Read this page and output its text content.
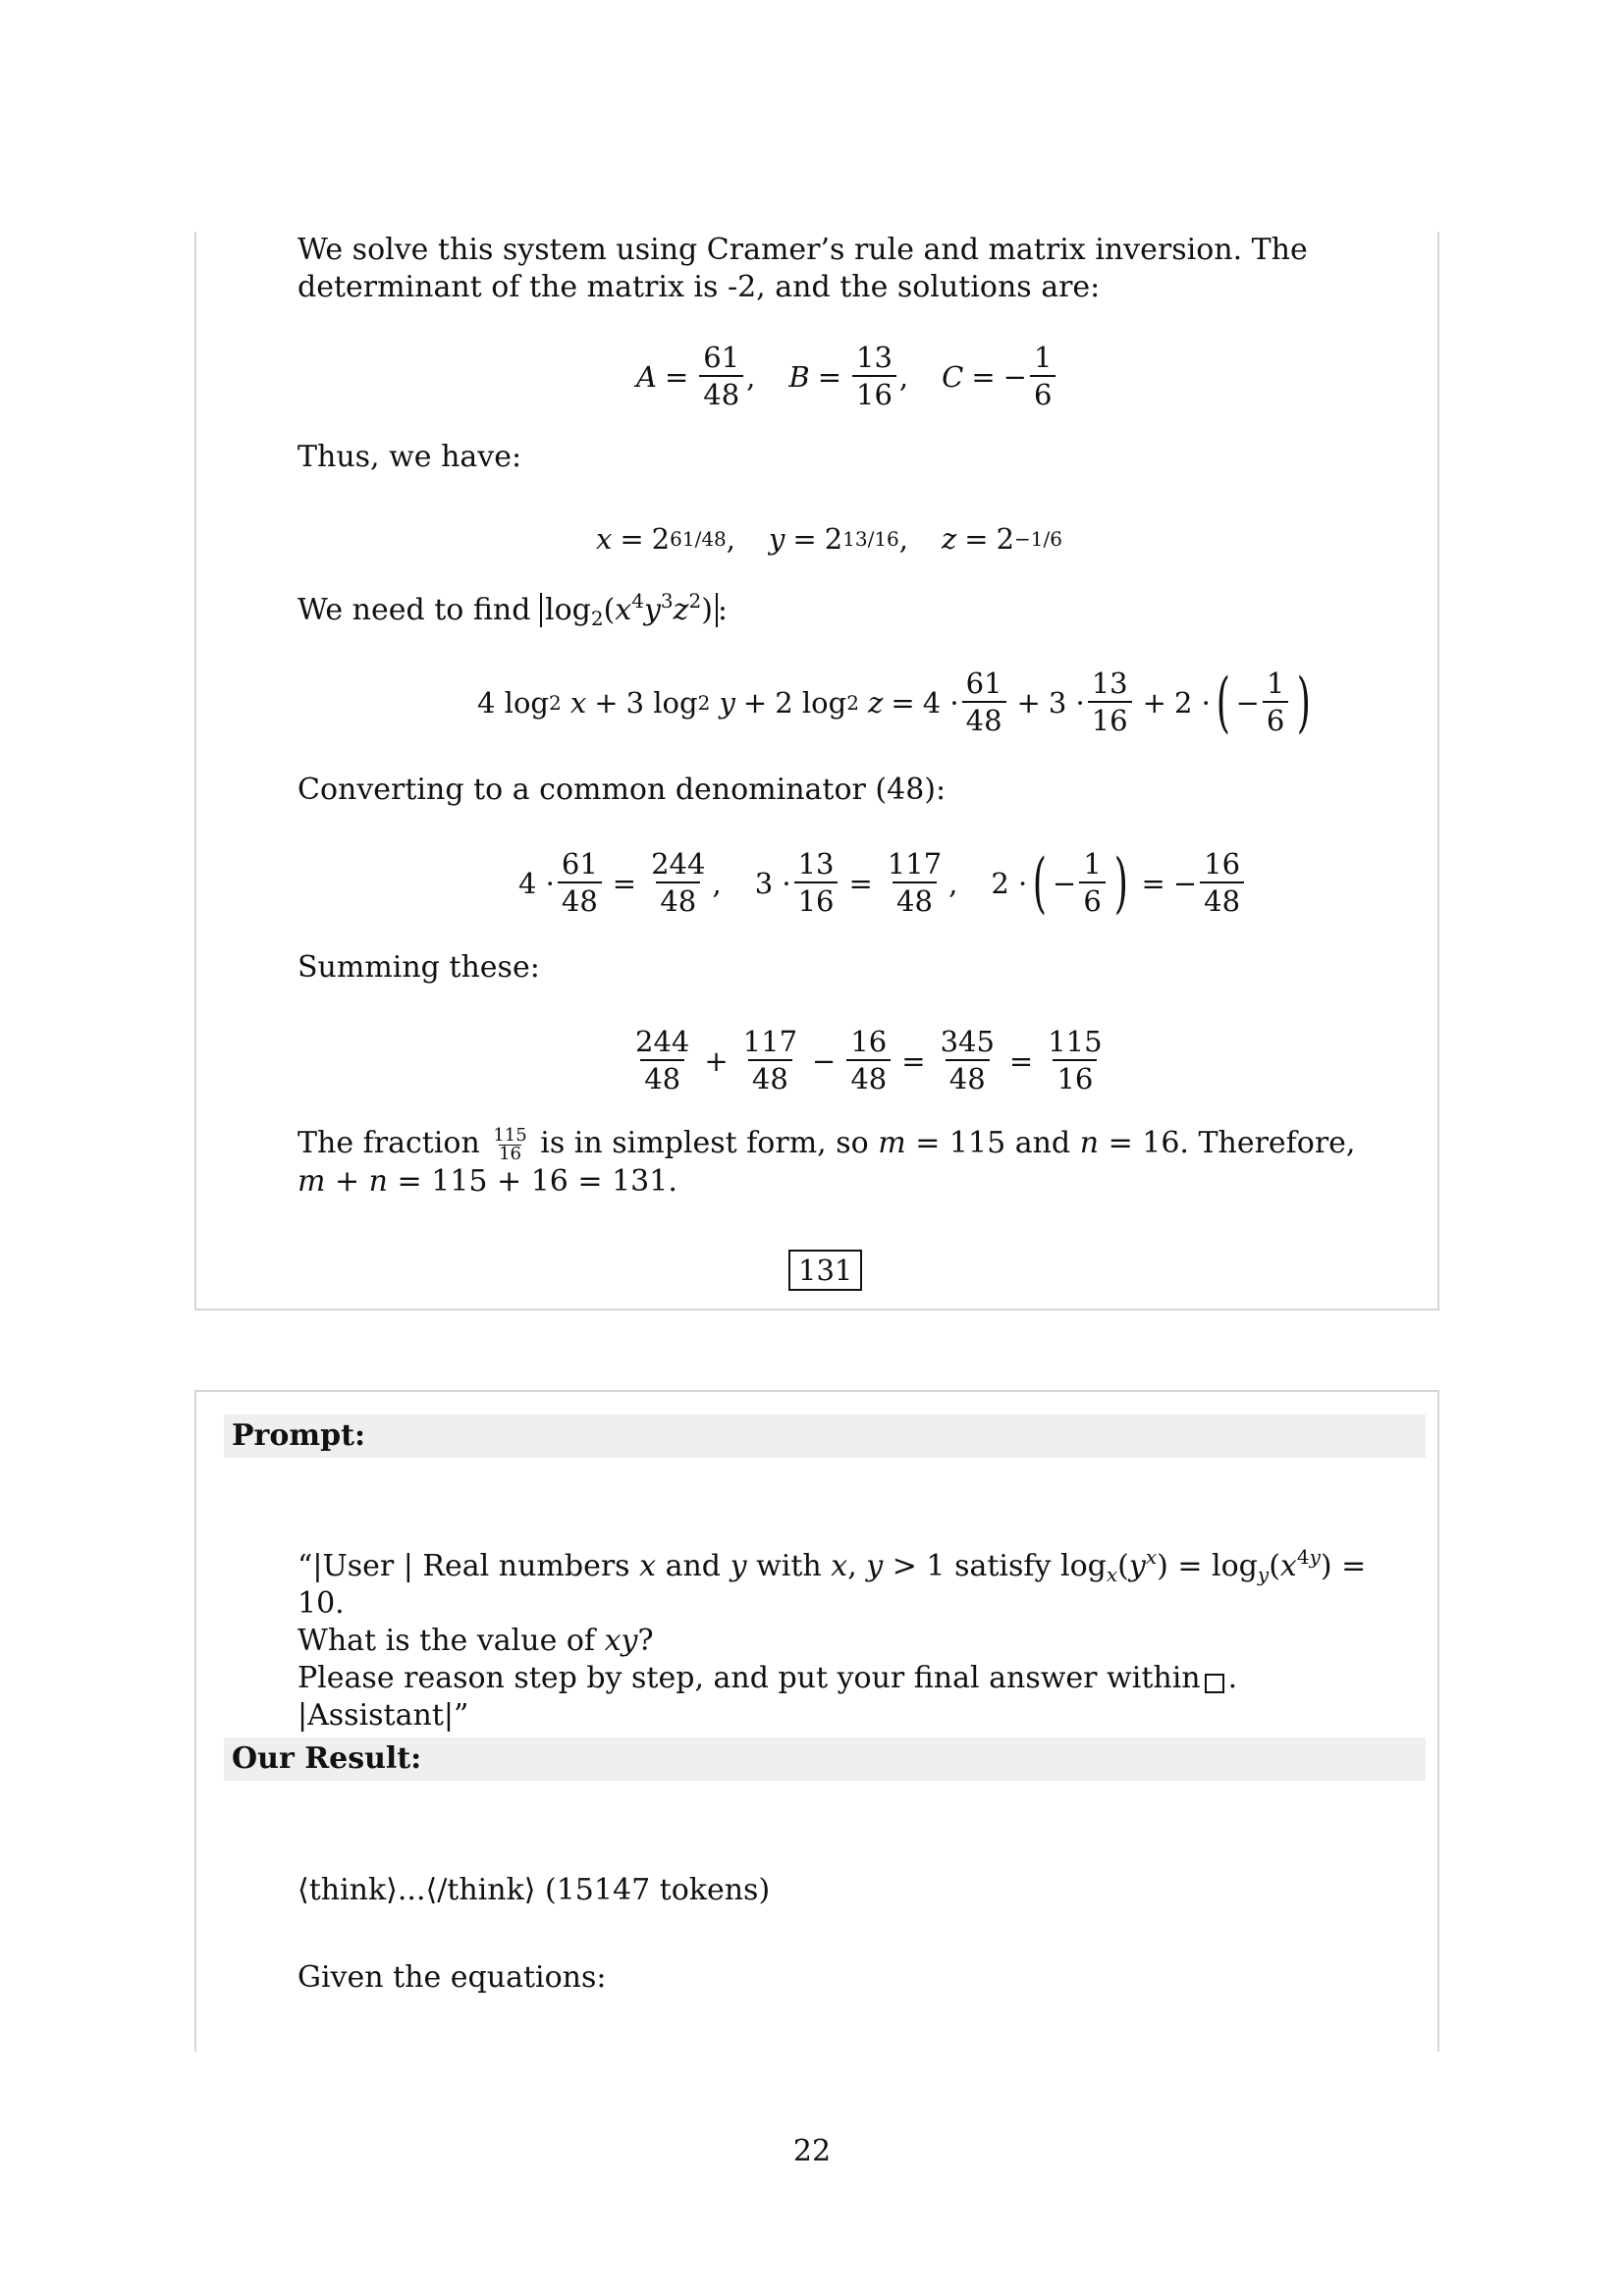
We solve this system using Cramer’s rule and matrix inversion. The determinant of the matrix is -2, and the solutions are:

$A = \frac{61}{48}$ , $B = \frac{13}{16}$ , C = − $\frac{1}{6}$

Thus, we have:

x = 2 61/48 , y = 2 13/16 , z = 2 −1/6
We need to find $\log_2(x^4y^3z^2)$ :
4 log 2
x + 3 log 2
y + 2 log 2
$z = 4 \cdot \frac{61}{48} + 3 \cdot \frac{13}{16} + 2$ · ( − $\frac{1}{6}$ )

Converting to a common denominator (48):

$4 \cdot \frac{61}{48} = \frac{244}{48}$ ,
$3 \cdot \frac{13}{16} = \frac{117}{48}$ ,
2 · ( − $\frac{1}{6}$ ) = − $\frac{16}{48}$

Summing these:

$\frac{244}{48} + \frac{117}{48} - \frac{16}{48} = \frac{345}{48} = \frac{115}{16}$
The fraction $\frac{115}{16}$ is in simplest form, so m = 115 and n = 16. Therefore, m + n = 115 + 16 = 131.
131
Prompt:
“|User | Real numbers x and y with x, y > 1 satisfy $\log_x(y^x) = \log_y(x^{4y}) = 10$.
What is the value of xy?
Please reason step by step, and put your final answer within . |Assistant|”
Our Result:

⟨think⟩...⟨/think⟩ (15147 tokens)

Given the equations:

22
